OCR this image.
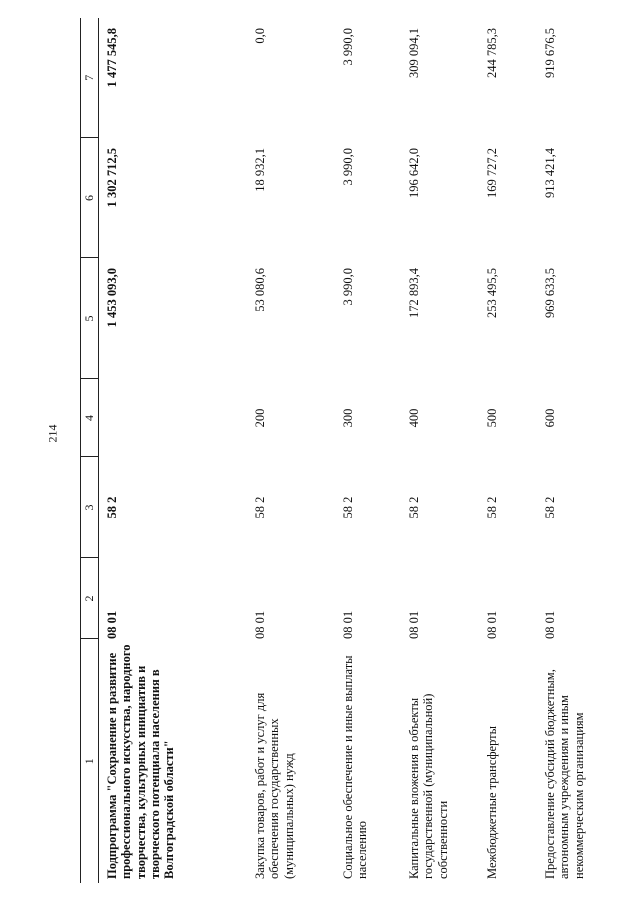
214
1	2	3	4	5	6	7
Подпрограмма "Сохранение и развитие профессионального искусства, народного творчества, культурных инициатив и творческого потенциала населения в Волгоградской области"	08 01	58 2		1 453 093,0	1 302 712,5	1 477 545,8
Закупка товаров, работ и услуг для обеспечения государственных (муниципальных) нужд	08 01	58 2	200	53 080,6	18 932,1	0,0
Социальное обеспечение и иные выплаты населению	08 01	58 2	300	3 990,0	3 990,0	3 990,0
Капитальные вложения в объекты государственной (муниципальной) собственности	08 01	58 2	400	172 893,4	196 642,0	309 094,1
Межбюджетные трансферты	08 01	58 2	500	253 495,5	169 727,2	244 785,3
Предоставление субсидий бюджетным, автономным учреждениям и иным некоммерческим организациям	08 01	58 2	600	969 633,5	913 421,4	919 676,5
